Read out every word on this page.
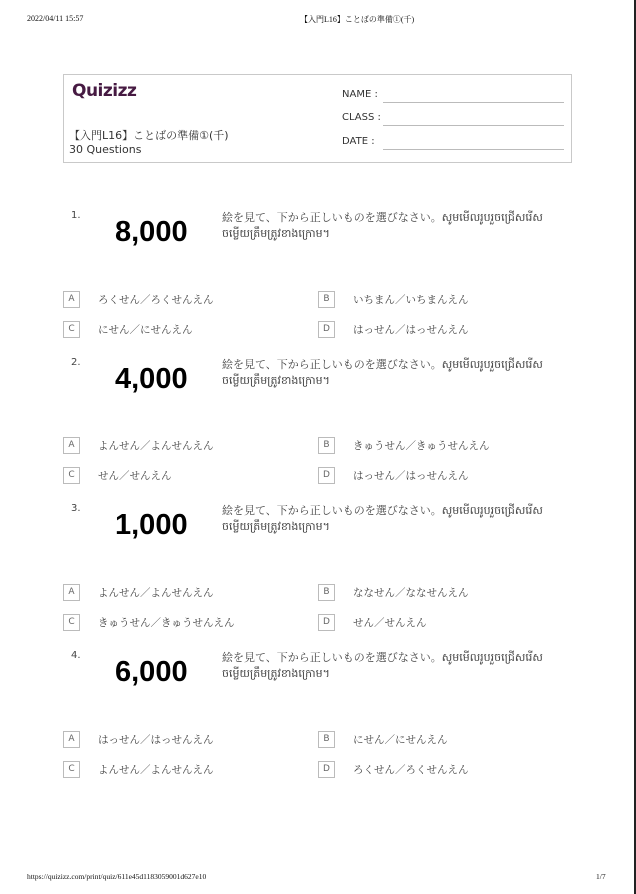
2022/04/11 15:57	【入門L16】ことばの準備①(千)
Quizizz
【入門L16】ことばの準備①(千)
30 Questions
NAME :
CLASS :
DATE :
1.
8,000	絵を見て、下から正しいものを選びなさい。សូមមើលរូបរួចជ្រើសរើសចម្លើយត្រឹមត្រូវខាងក្រោម។
A	ろくせん／ろくせんえん	B	いちまん／いちまんえん
C	にせん／にせんえん	D	はっせん／はっせんえん
2.
4,000	絵を見て、下から正しいものを選びなさい。សូមមើលរូបរួចជ្រើសរើសចម្លើយត្រឹមត្រូវខាងក្រោម។
A	よんせん／よんせんえん	B	きゅうせん／きゅうせんえん
C	せん／せんえん	D	はっせん／はっせんえん
3.
1,000	絵を見て、下から正しいものを選びなさい。សូមមើលរូបរួចជ្រើសរើសចម្លើយត្រឹមត្រូវខាងក្រោម។
A	よんせん／よんせんえん	B	ななせん／ななせんえん
C	きゅうせん／きゅうせんえん	D	せん／せんえん
4.
6,000	絵を見て、下から正しいものを選びなさい。សូមមើលរូបរួចជ្រើសរើសចម្លើយត្រឹមត្រូវខាងក្រោម។
A	はっせん／はっせんえん	B	にせん／にせんえん
C	よんせん／よんせんえん	D	ろくせん／ろくせんえん
https://quizizz.com/print/quiz/611e45d1183059001d627e10	1/7
